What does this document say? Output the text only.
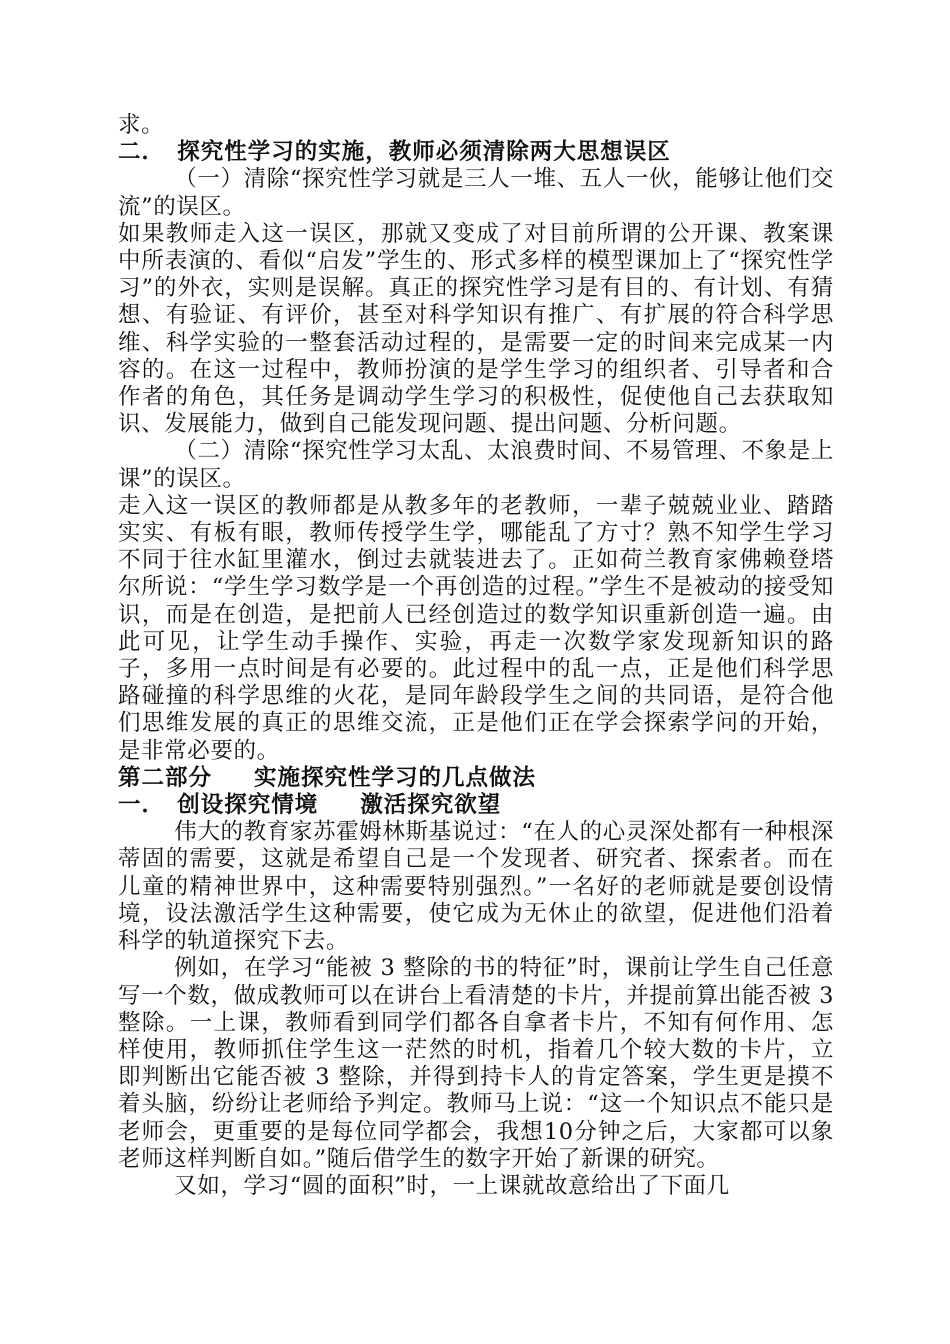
求。

二．　探究性学习的实施，教师必须清除两大思想误区

（一）清除“探究性学习就是三人一堆、五人一伙，能够让他们交流”的误区。

如果教师走入这一误区，那就又变成了对目前所谓的公开课、教案课中所表演的、看似“启发”学生的、形式多样的模型课加上了“探究性学习”的外衣，实则是误解。真正的探究性学习是有目的、有计划、有猜想、有验证、有评价，甚至对科学知识有推广、有扩展的符合科学思维、科学实验的一整套活动过程的，是需要一定的时间来完成某一内容的。在这一过程中，教师扮演的是学生学习的组织者、引导者和合作者的角色，其任务是调动学生学习的积极性，促使他自己去获取知识、发展能力，做到自己能发现问题、提出问题、分析问题。

（二）清除“探究性学习太乱、太浪费时间、不易管理、不象是上课”的误区。

走入这一误区的教师都是从教多年的老教师，一辈子兢兢业业、踏踏实实、有板有眼，教师传授学生学，哪能乱了方寸？熟不知学生学习不同于往水缸里灌水，倒过去就装进去了。正如荷兰教育家佛赖登塔尔所说：“学生学习数学是一个再创造的过程。”学生不是被动的接受知识，而是在创造，是把前人已经创造过的数学知识重新创造一遍。由此可见，让学生动手操作、实验，再走一次数学家发现新知识的路子，多用一点时间是有必要的。此过程中的乱一点，正是他们科学思路碰撞的科学思维的火花，是同年龄段学生之间的共同语，是符合他们思维发展的真正的思维交流，正是他们正在学会探索学问的开始，是非常必要的。

第二部分 实施探究性学习的几点做法

一．　创设探究情境 激活探究欲望

伟大的教育家苏霍姆林斯基说过：“在人的心灵深处都有一种根深蒂固的需要，这就是希望自己是一个发现者、研究者、探索者。而在儿童的精神世界中，这种需要特别强烈。”一名好的老师就是要创设情境，设法激活学生这种需要，使它成为无休止的欲望，促进他们沿着科学的轨道探究下去。

例如，在学习“能被 3 整除的书的特征”时，课前让学生自己任意写一个数，做成教师可以在讲台上看清楚的卡片，并提前算出能否被 3 整除。一上课，教师看到同学们都各自拿者卡片，不知有何作用、怎样使用，教师抓住学生这一茫然的时机，指着几个较大数的卡片，立即判断出它能否被 3 整除，并得到持卡人的肯定答案，学生更是摸不着头脑，纷纷让老师给予判定。教师马上说：“这一个知识点不能只是老师会，更重要的是每位同学都会，我想10分钟之后，大家都可以象老师这样判断自如。”随后借学生的数字开始了新课的研究。

又如，学习“圆的面积”时，一上课就故意给出了下面几
